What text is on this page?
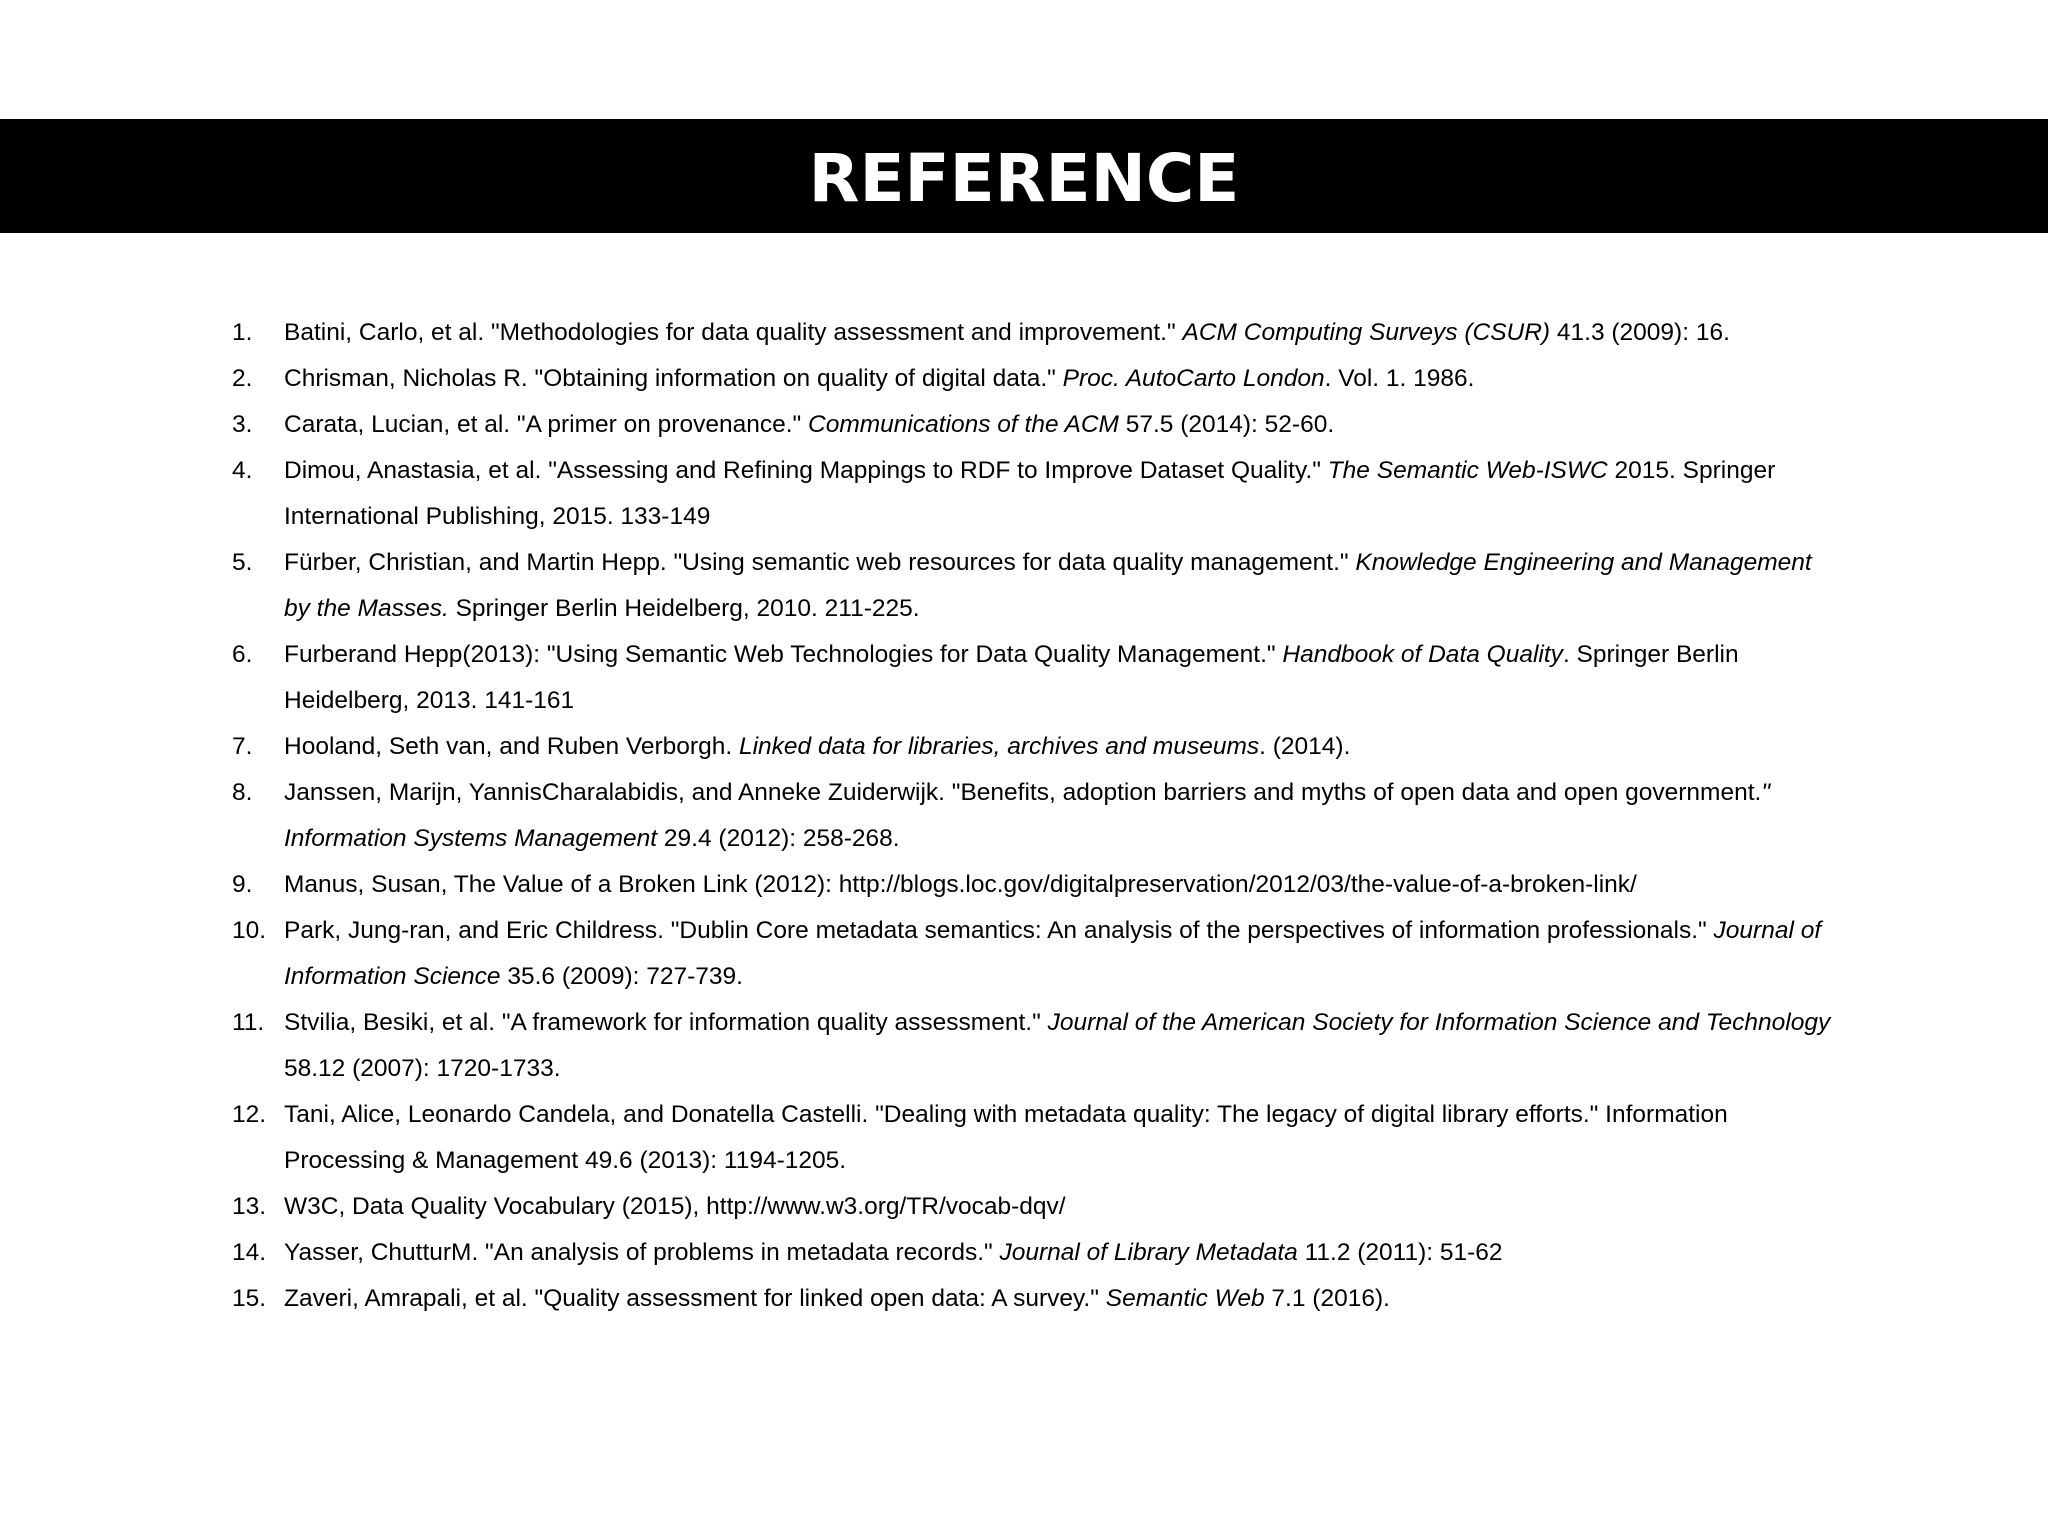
REFERENCE
1.	Batini, Carlo, et al. "Methodologies for data quality assessment and improvement." ACM Computing Surveys (CSUR) 41.3 (2009): 16.
2.	Chrisman, Nicholas R. "Obtaining information on quality of digital data." Proc. AutoCarto London. Vol. 1. 1986.
3.	Carata, Lucian, et al. "A primer on provenance." Communications of the ACM 57.5 (2014): 52-60.
4.	Dimou, Anastasia, et al. "Assessing and Refining Mappings to RDF to Improve Dataset Quality." The Semantic Web-ISWC 2015. Springer International Publishing, 2015. 133-149
5.	Fürber, Christian, and Martin Hepp. "Using semantic web resources for data quality management." Knowledge Engineering and Management by the Masses. Springer Berlin Heidelberg, 2010. 211-225.
6.	Furberand Hepp(2013): "Using Semantic Web Technologies for Data Quality Management." Handbook of Data Quality. Springer Berlin Heidelberg, 2013. 141-161
7.	Hooland, Seth van, and Ruben Verborgh. Linked data for libraries, archives and museums. (2014).
8.	Janssen, Marijn, YannisCharalabidis, and Anneke Zuiderwijk. "Benefits, adoption barriers and myths of open data and open government." Information Systems Management 29.4 (2012): 258-268.
9.	Manus, Susan, The Value of a Broken Link (2012): http://blogs.loc.gov/digitalpreservation/2012/03/the-value-of-a-broken-link/
10. Park, Jung-ran, and Eric Childress. "Dublin Core metadata semantics: An analysis of the perspectives of information professionals." Journal of Information Science 35.6 (2009): 727-739.
11. Stvilia, Besiki, et al. "A framework for information quality assessment." Journal of the American Society for Information Science and Technology 58.12 (2007): 1720-1733.
12. Tani, Alice, Leonardo Candela, and Donatella Castelli. "Dealing with metadata quality: The legacy of digital library efforts." Information Processing & Management 49.6 (2013): 1194-1205.
13. W3C, Data Quality Vocabulary (2015), http://www.w3.org/TR/vocab-dqv/
14. Yasser, ChutturM. "An analysis of problems in metadata records." Journal of Library Metadata 11.2 (2011): 51-62
15. Zaveri, Amrapali, et al. "Quality assessment for linked open data: A survey." Semantic Web 7.1 (2016).
